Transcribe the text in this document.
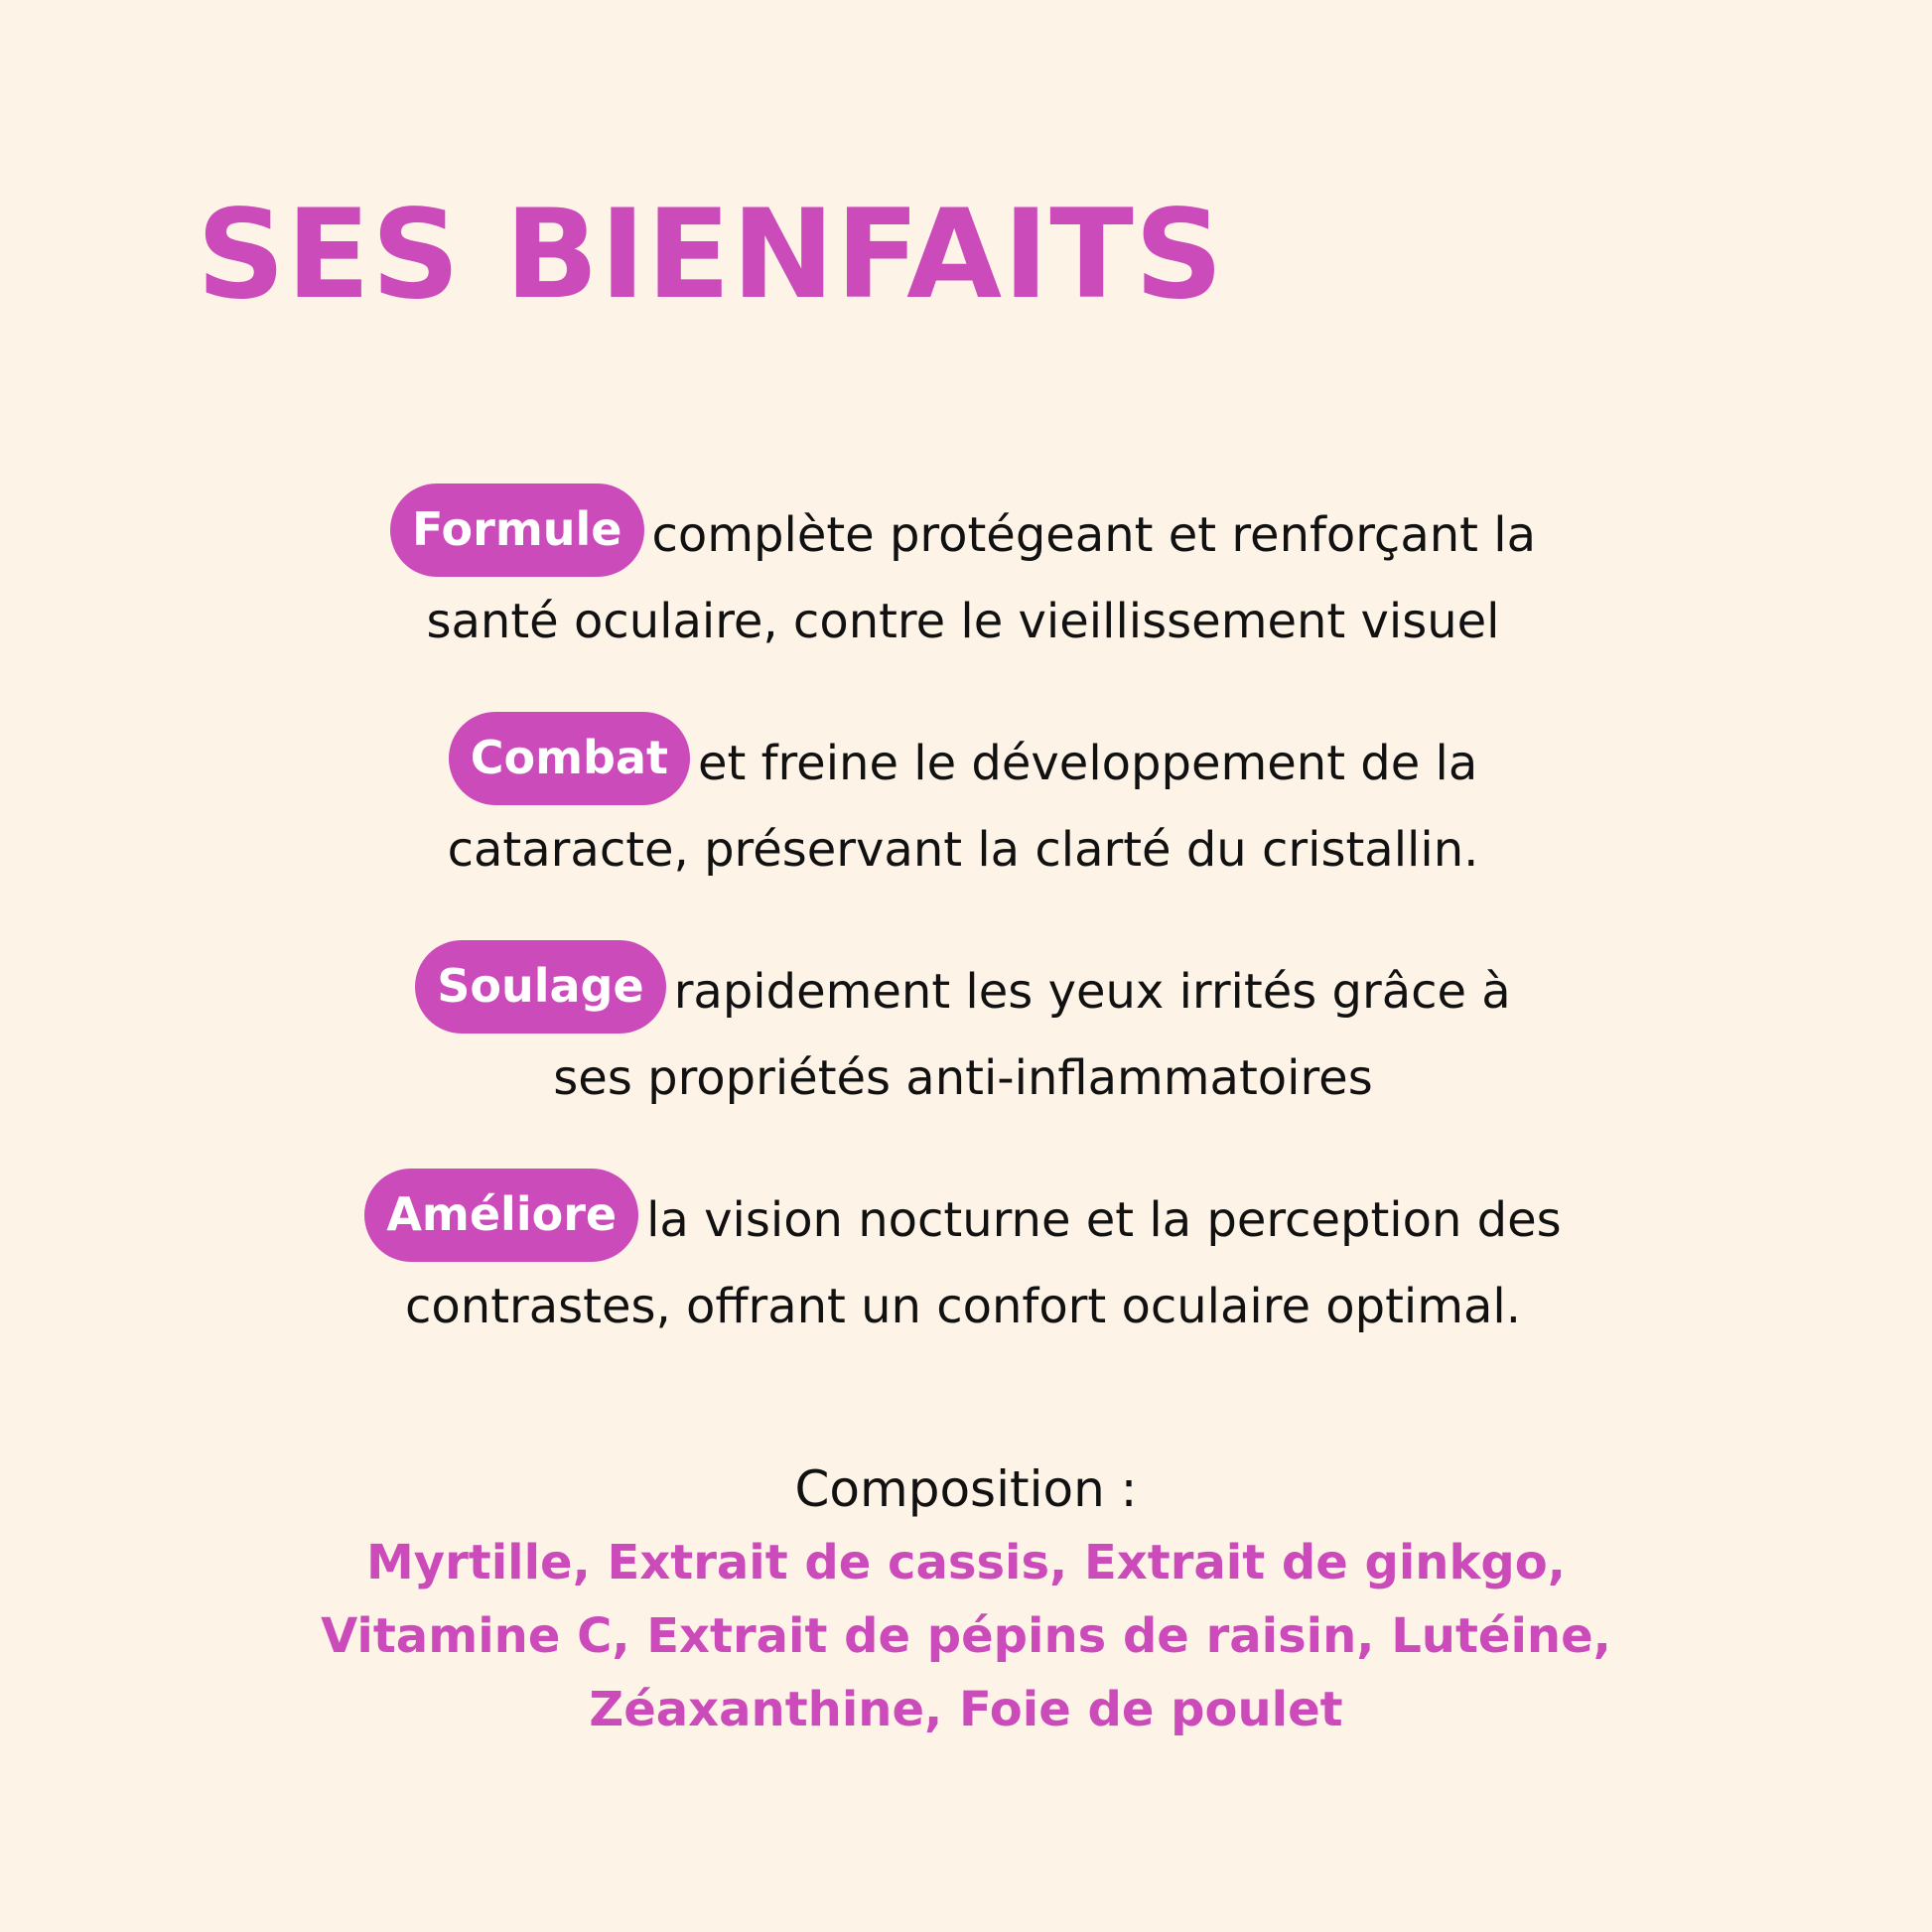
SES BIENFAITS
Formule complète protégeant et renforçant la
santé oculaire, contre le vieillissement visuel
Combat et freine le développement de la
cataracte, préservant la clarté du cristallin.
Soulage rapidement les yeux irrités grâce à
ses propriétés anti-inflammatoires
Améliore la vision nocturne et la perception des
contrastes, offrant un confort oculaire optimal.
Composition :
Myrtille, Extrait de cassis, Extrait de ginkgo,
Vitamine C, Extrait de pépins de raisin, Lutéine,
Zéaxanthine, Foie de poulet
